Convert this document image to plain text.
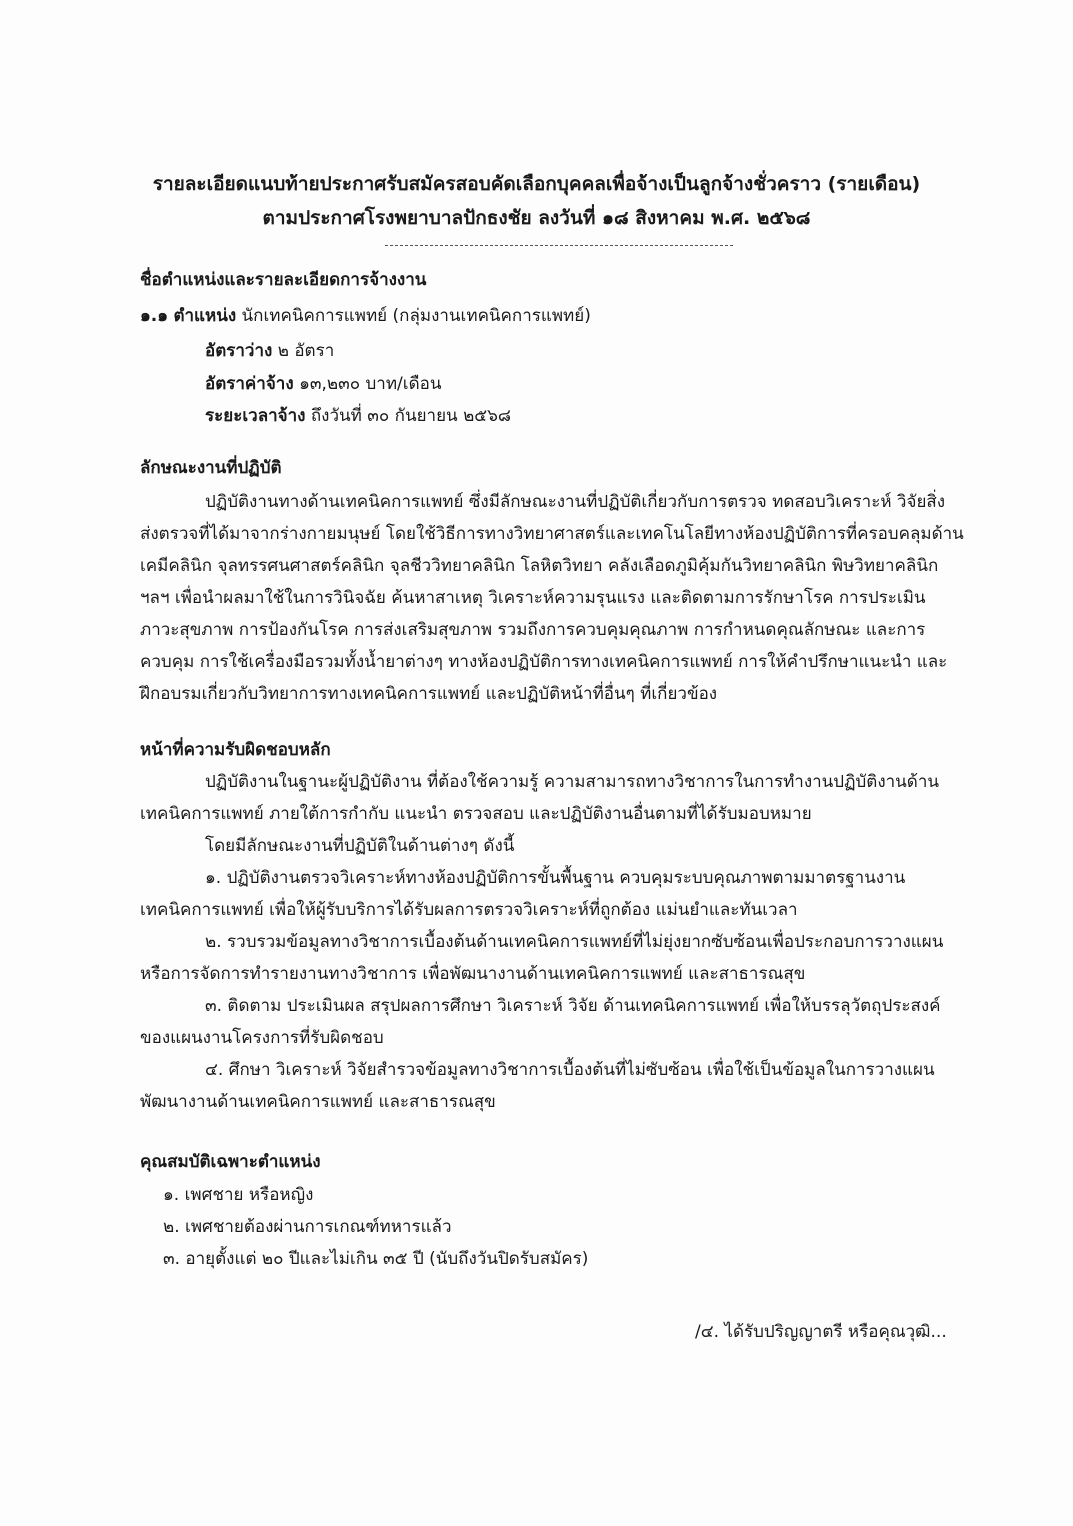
รายละเอียดแนบท้ายประกาศรับสมัครสอบคัดเลือกบุคคลเพื่อจ้างเป็นลูกจ้างชั่วคราว (รายเดือน)
ตามประกาศโรงพยาบาลปักธงชัย ลงวันที่ ๑๘ สิงหาคม พ.ศ. ๒๕๖๘
ชื่อตำแหน่งและรายละเอียดการจ้างงาน
๑.๑ ตำแหน่ง นักเทคนิคการแพทย์ (กลุ่มงานเทคนิคการแพทย์)
อัตราว่าง ๒ อัตรา
อัตราค่าจ้าง ๑๓,๒๓๐ บาท/เดือน
ระยะเวลาจ้าง ถึงวันที่ ๓๐ กันยายน ๒๕๖๘
ลักษณะงานที่ปฏิบัติ
ปฏิบัติงานทางด้านเทคนิคการแพทย์ ซึ่งมีลักษณะงานที่ปฏิบัติเกี่ยวกับการตรวจ ทดสอบวิเคราะห์ วิจัยสิ่ง
ส่งตรวจที่ได้มาจากร่างกายมนุษย์ โดยใช้วิธีการทางวิทยาศาสตร์และเทคโนโลยีทางห้องปฏิบัติการที่ครอบคลุมด้าน
เคมีคลินิก จุลทรรศนศาสตร์คลินิก จุลชีววิทยาคลินิก โลหิตวิทยา คลังเลือดภูมิคุ้มกันวิทยาคลินิก พิษวิทยาคลินิก
ฯลฯ เพื่อนำผลมาใช้ในการวินิจฉัย ค้นหาสาเหตุ วิเคราะห์ความรุนแรง และติดตามการรักษาโรค การประเมิน
ภาวะสุขภาพ การป้องกันโรค การส่งเสริมสุขภาพ รวมถึงการควบคุมคุณภาพ การกำหนดคุณลักษณะ และการ
ควบคุม การใช้เครื่องมือรวมทั้งน้ำยาต่างๆ ทางห้องปฏิบัติการทางเทคนิคการแพทย์ การให้คำปรึกษาแนะนำ และ
ฝึกอบรมเกี่ยวกับวิทยาการทางเทคนิคการแพทย์ และปฏิบัติหน้าที่อื่นๆ ที่เกี่ยวข้อง
หน้าที่ความรับผิดชอบหลัก
ปฏิบัติงานในฐานะผู้ปฏิบัติงาน ที่ต้องใช้ความรู้ ความสามารถทางวิชาการในการทำงานปฏิบัติงานด้าน
เทคนิคการแพทย์ ภายใต้การกำกับ แนะนำ ตรวจสอบ และปฏิบัติงานอื่นตามที่ได้รับมอบหมาย
โดยมีลักษณะงานที่ปฏิบัติในด้านต่างๆ ดังนี้
๑. ปฏิบัติงานตรวจวิเคราะห์ทางห้องปฏิบัติการขั้นพื้นฐาน ควบคุมระบบคุณภาพตามมาตรฐานงาน
เทคนิคการแพทย์ เพื่อให้ผู้รับบริการได้รับผลการตรวจวิเคราะห์ที่ถูกต้อง แม่นยำและทันเวลา
๒. รวบรวมข้อมูลทางวิชาการเบื้องต้นด้านเทคนิคการแพทย์ที่ไม่ยุ่งยากซับซ้อนเพื่อประกอบการวางแผน
หรือการจัดการทำรายงานทางวิชาการ เพื่อพัฒนางานด้านเทคนิคการแพทย์ และสาธารณสุข
๓. ติดตาม ประเมินผล สรุปผลการศึกษา วิเคราะห์ วิจัย ด้านเทคนิคการแพทย์ เพื่อให้บรรลุวัตถุประสงค์
ของแผนงานโครงการที่รับผิดชอบ
๔. ศึกษา วิเคราะห์ วิจัยสำรวจข้อมูลทางวิชาการเบื้องต้นที่ไม่ซับซ้อน เพื่อใช้เป็นข้อมูลในการวางแผน
พัฒนางานด้านเทคนิคการแพทย์ และสาธารณสุข
คุณสมบัติเฉพาะตำแหน่ง
๑. เพศชาย หรือหญิง
๒. เพศชายต้องผ่านการเกณฑ์ทหารแล้ว
๓. อายุตั้งแต่ ๒๐ ปีและไม่เกิน ๓๕ ปี (นับถึงวันปิดรับสมัคร)
/๔. ได้รับปริญญาตรี หรือคุณวุฒิ...
